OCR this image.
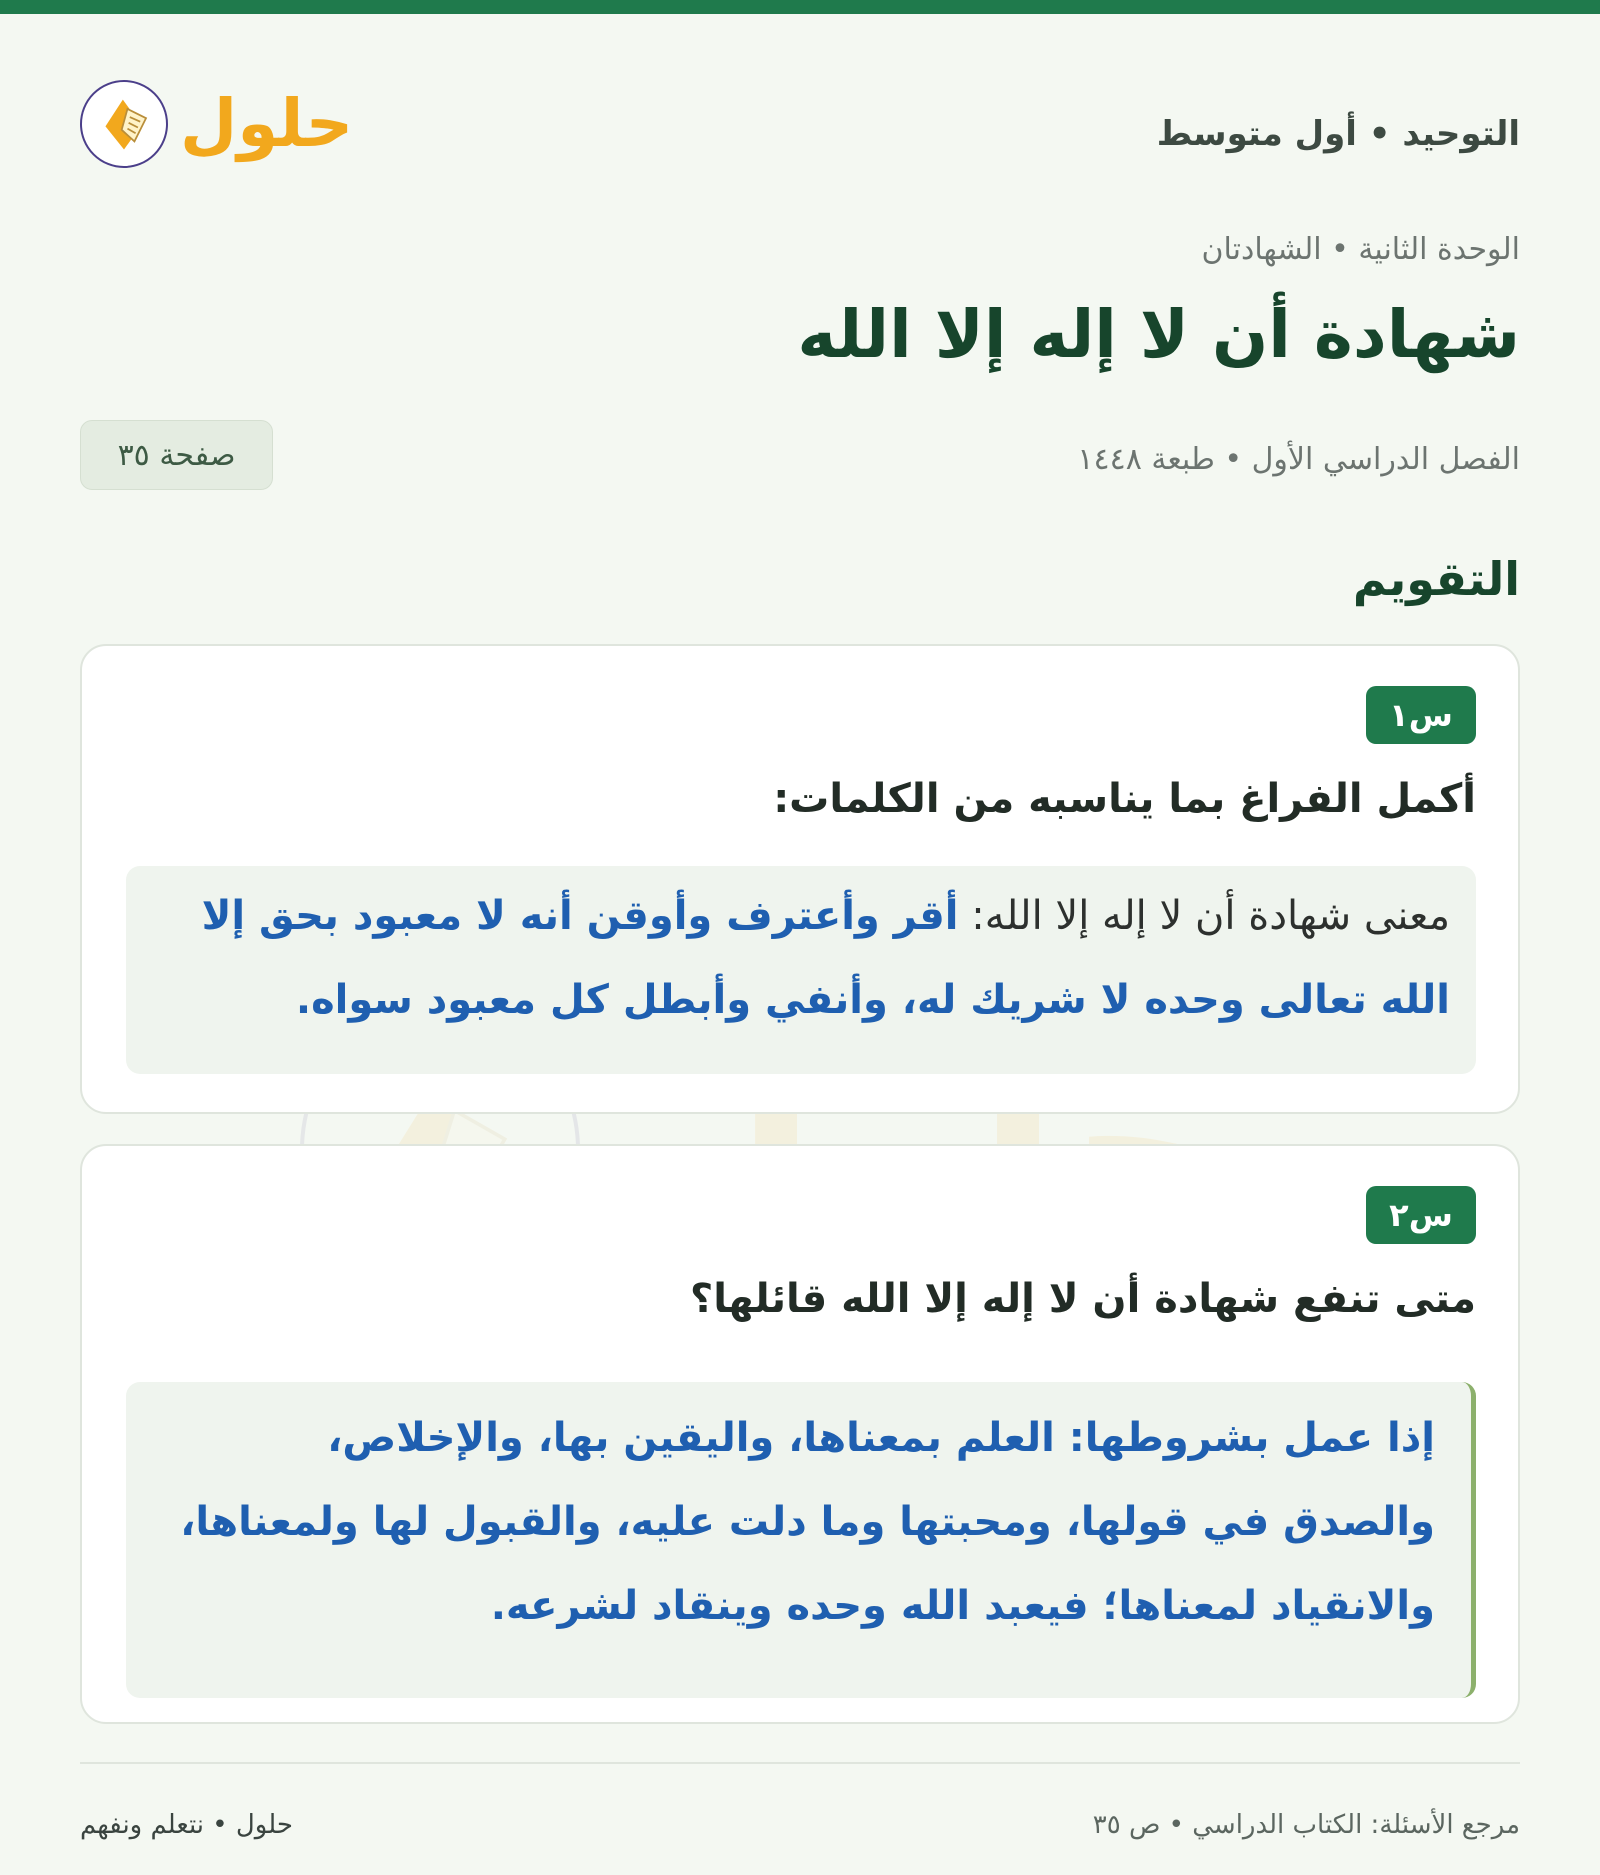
التوحيد • أول متوسط
حلول
الوحدة الثانية • الشهادتان
شهادة أن لا إله إلا الله
الفصل الدراسي الأول • طبعة ١٤٤٨
صفحة ٣٥
التقويم
س١
أكمل الفراغ بما يناسبه من الكلمات:
معنى شهادة أن لا إله إلا الله: أقر وأعترف وأوقن أنه لا معبود بحق إلا الله تعالى وحده لا شريك له، وأنفي وأبطل كل معبود سواه.
س٢
متى تنفع شهادة أن لا إله إلا الله قائلها؟
إذا عمل بشروطها: العلم بمعناها، واليقين بها، والإخلاص، والصدق في قولها، ومحبتها وما دلت عليه، والقبول لها ولمعناها، والانقياد لمعناها؛ فيعبد الله وحده وينقاد لشرعه.
مرجع الأسئلة: الكتاب الدراسي • ص ٣٥
حلول • نتعلم ونفهم
